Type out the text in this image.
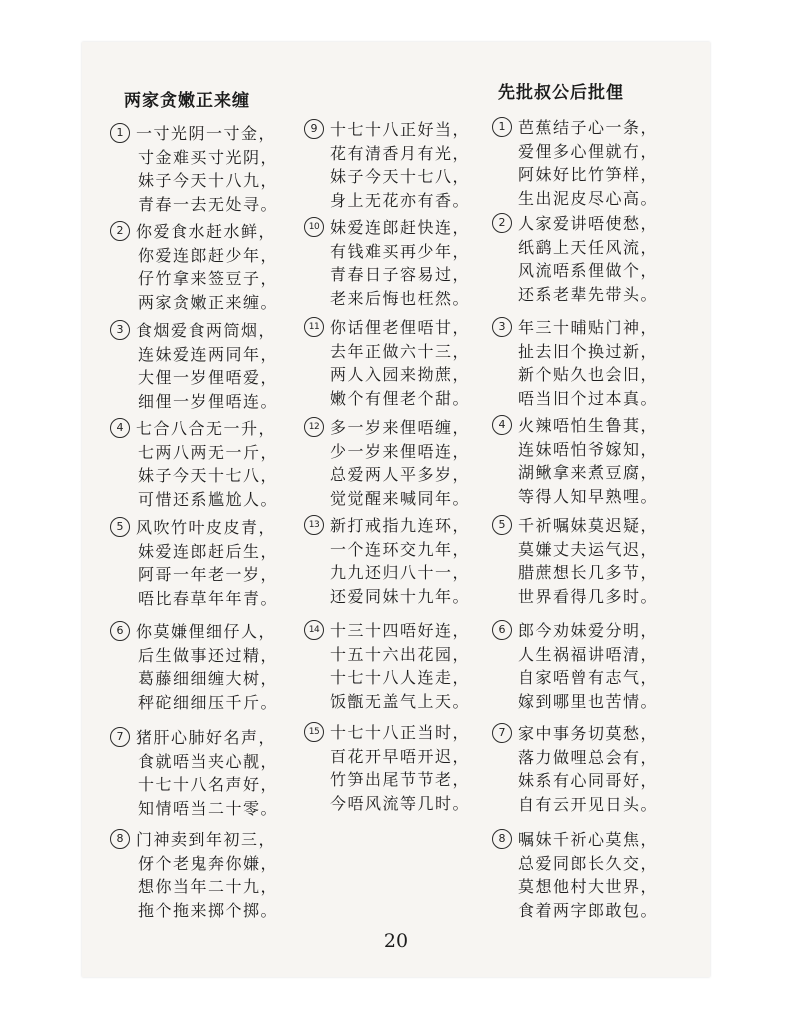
两家贪嫩正来缠
1 一寸光阴一寸金，
寸金难买寸光阴，
妹子今天十八九，
青春一去无处寻。
2 你爱食水赶水鲜，
你爱连郎赶少年，
仔竹拿来签豆子，
两家贪嫩正来缠。
3 食烟爱食两筒烟，
连妹爱连两同年，
大俚一岁俚唔爱，
细俚一岁俚唔连。
4 七合八合无一升，
七两八两无一斤，
妹子今天十七八，
可惜还系尴尬人。
5 风吹竹叶皮皮青，
妹爱连郎赶后生，
阿哥一年老一岁，
唔比春草年年青。
6 你莫嫌俚细仔人，
后生做事还过精，
葛藤细细缠大树，
秤砣细细压千斤。
7 猪肝心肺好名声，
食就唔当夹心靓，
十七十八名声好，
知情唔当二十零。
8 门神卖到年初三，
伢个老鬼奔你嫌，
想你当年二十九，
拖个拖来掷个掷。
9 十七十八正好当，
花有清香月有光，
妹子今天十七八，
身上无花亦有香。
10 妹爱连郎赶快连，
有钱难买再少年，
青春日子容易过，
老来后悔也枉然。
11 你话俚老俚唔甘，
去年正做六十三，
两人入园来拗蔗，
嫩个有俚老个甜。
12 多一岁来俚唔缠，
少一岁来俚唔连，
总爱两人平多岁，
觉觉醒来喊同年。
13 新打戒指九连环，
一个连环交九年，
九九还归八十一，
还爱同妹十九年。
14 十三十四唔好连，
十五十六出花园，
十七十八人连走，
饭甑无盖气上天。
15 十七十八正当时，
百花开早唔开迟，
竹笋出尾节节老，
今唔风流等几时。
先批叔公后批俚
1 芭蕉结子心一条，
爱俚多心俚就冇，
阿妹好比竹笋样，
生出泥皮尽心高。
2 人家爱讲唔使愁，
纸鹞上天任风流，
风流唔系俚做个，
还系老辈先带头。
3 年三十晡贴门神，
扯去旧个换过新，
新个贴久也会旧，
唔当旧个过本真。
4 火辣唔怕生鲁萁，
连妹唔怕爷嫁知，
湖鳅拿来煮豆腐，
等得人知早熟哩。
5 千祈嘱妹莫迟疑，
莫嫌丈夫运气迟，
腊蔗想长几多节，
世界看得几多时。
6 郎今劝妹爱分明，
人生祸福讲唔清，
自家唔曾有志气，
嫁到哪里也苦情。
7 家中事务切莫愁，
落力做哩总会有，
妹系有心同哥好，
自有云开见日头。
8 嘱妹千祈心莫焦，
总爱同郎长久交，
莫想他村大世界，
食着两字郎敢包。
20
